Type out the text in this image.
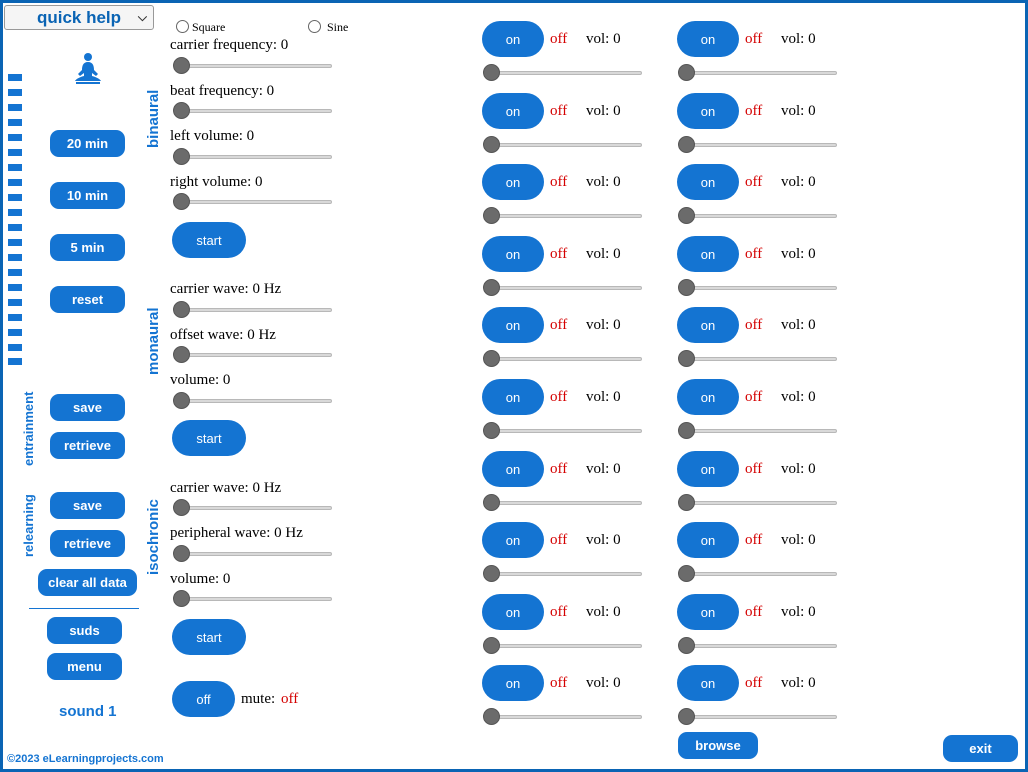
quick help ⌵
20 min
10 min
5 min
reset
entrainment	save
retrieve
relearning	save
retrieve
clear all data
suds
menu
sound 1
©2023 eLearningprojects.com
Square	Sine
binaural
monaural
isochronic
carrier frequency: 0
beat frequency: 0
left volume: 0
right volume: 0
start
carrier wave: 0 Hz
offset wave: 0 Hz
volume: 0
start
carrier wave: 0 Hz
peripheral wave: 0 Hz
volume: 0
start
off	mute: off
on	off vol: 0
on	off vol: 0
on	off vol: 0
on	off vol: 0
on	off vol: 0
on	off vol: 0
on	off vol: 0
on	off vol: 0
on	off vol: 0
on	off vol: 0
on	off vol: 0
on	off vol: 0
on	off vol: 0
on	off vol: 0
on	off vol: 0
on	off vol: 0
on	off vol: 0
on	off vol: 0
on	off vol: 0
on	off vol: 0
browse	exit
